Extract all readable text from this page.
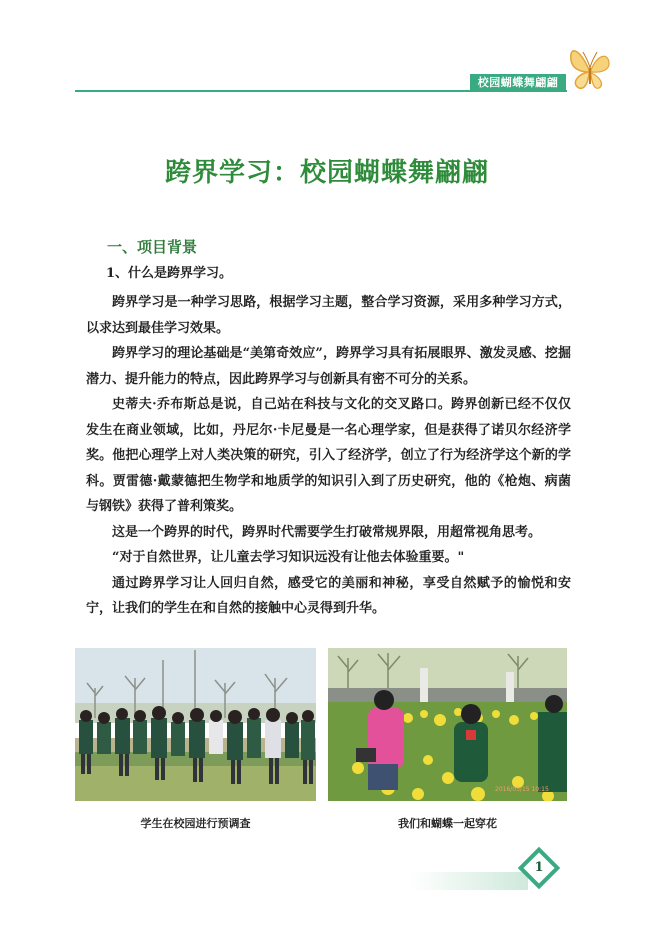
校园蝴蝶舞翩翩
跨界学习：校园蝴蝶舞翩翩
一、项目背景
1、什么是跨界学习。

跨界学习是一种学习思路，根据学习主题，整合学习资源，采用多种学习方式，以求达到最佳学习效果。

跨界学习的理论基础是“美第奇效应”，跨界学习具有拓展眼界、激发灵感、挖掘潜力、提升能力的特点，因此跨界学习与创新具有密不可分的关系。

史蒂夫·乔布斯总是说，自己站在科技与文化的交叉路口。跨界创新已经不仅仅发生在商业领域，比如，丹尼尔·卡尼曼是一名心理学家，但是获得了诺贝尔经济学奖。他把心理学上对人类决策的研究，引入了经济学，创立了行为经济学这个新的学科。贾雷德·戴蒙德把生物学和地质学的知识引入到了历史研究，他的《枪炮、病菌与钢铁》获得了普利策奖。

这是一个跨界的时代，跨界时代需要学生打破常规界限，用超常视角思考。

“对于自然世界，让儿童去学习知识远没有让他去体验重要。"

通过跨界学习让人回归自然，感受它的美丽和神秘，享受自然赋予的愉悦和安宁，让我们的学生在和自然的接触中心灵得到升华。

2016/03/15 10:15
学生在校园进行预调查	我们和蝴蝶一起穿花
1
